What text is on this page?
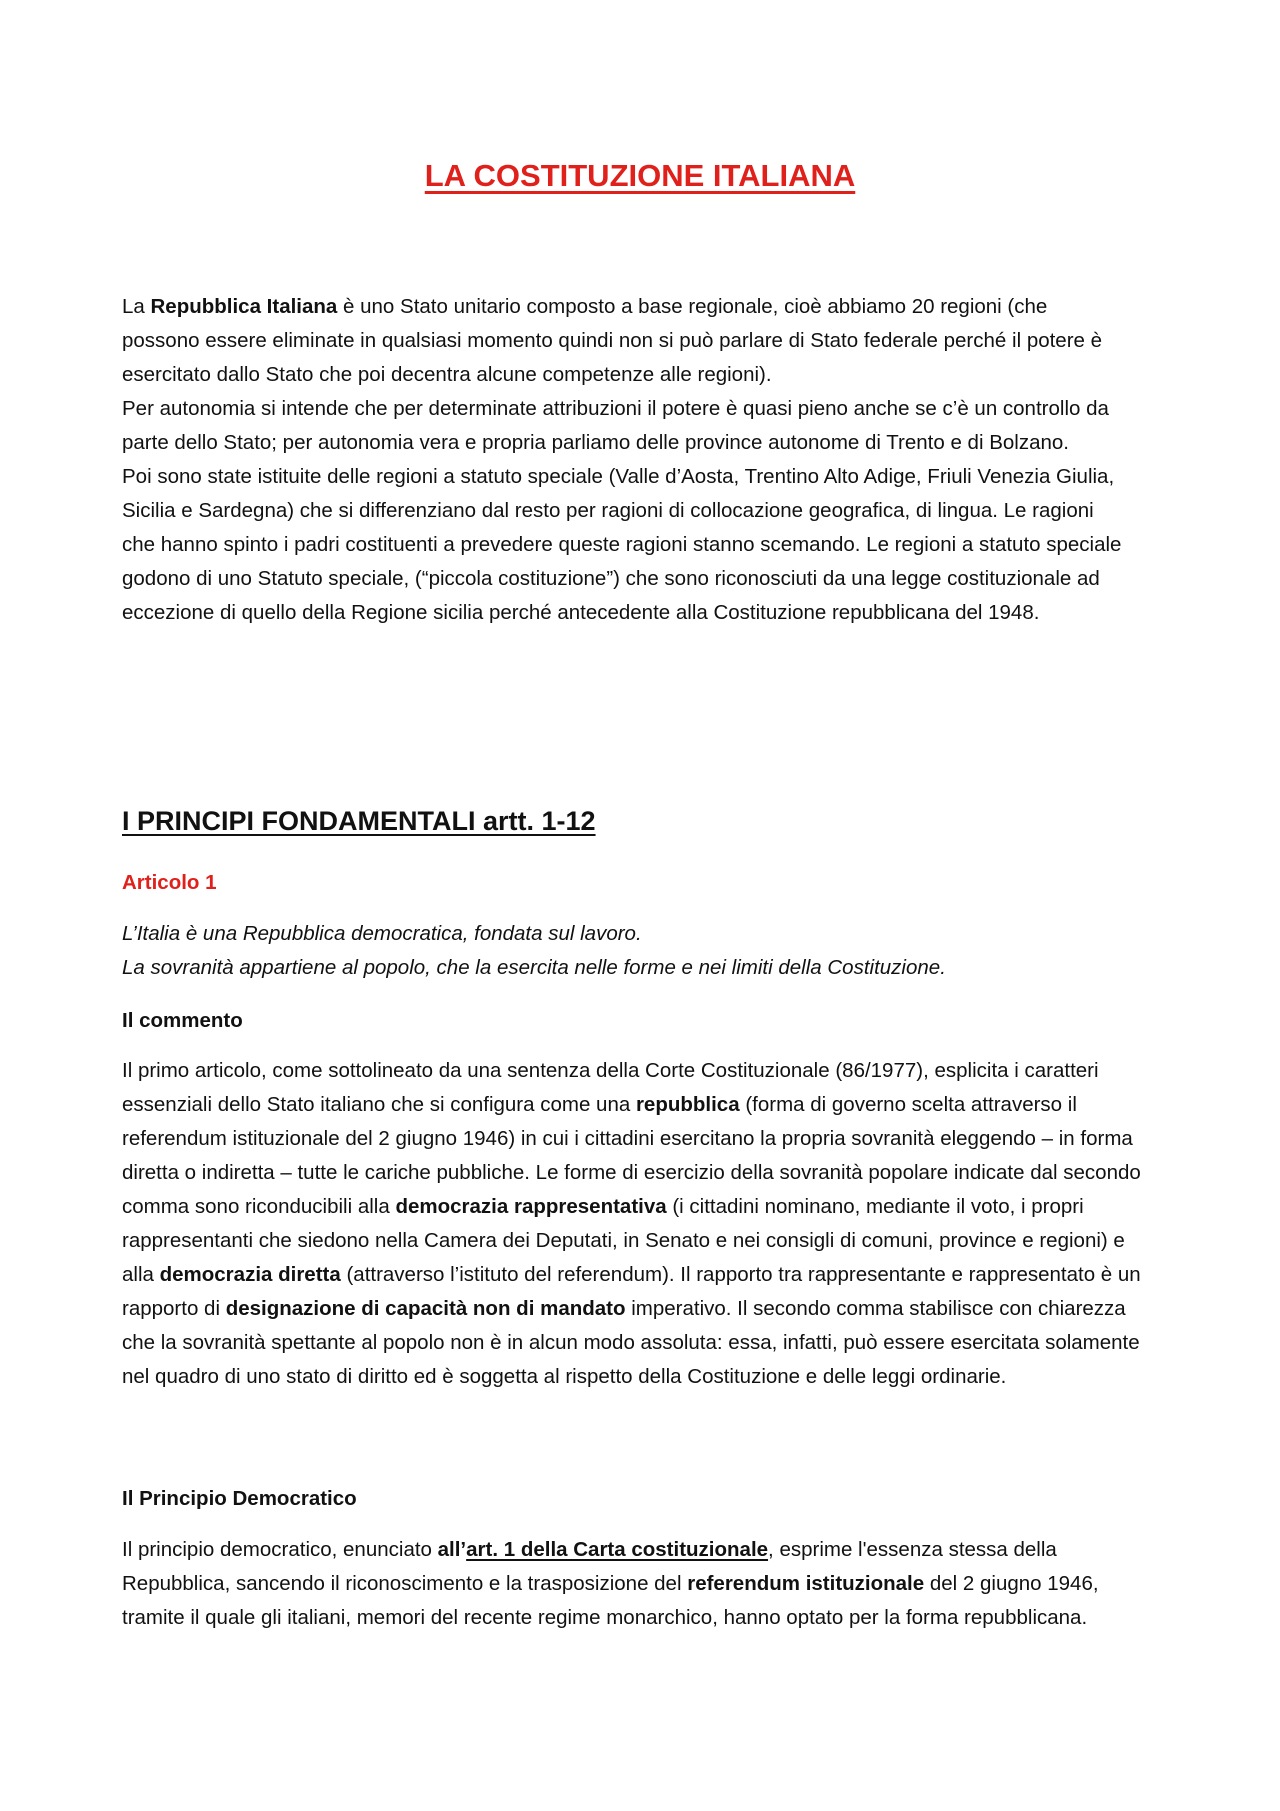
LA COSTITUZIONE ITALIANA

La Repubblica Italiana è uno Stato unitario composto a base regionale, cioè abbiamo 20 regioni (che possono essere eliminate in qualsiasi momento quindi non si può parlare di Stato federale perché il potere è esercitato dallo Stato che poi decentra alcune competenze alle regioni).

Per autonomia si intende che per determinate attribuzioni il potere è quasi pieno anche se c’è un controllo da parte dello Stato; per autonomia vera e propria parliamo delle province autonome di Trento e di Bolzano.

Poi sono state istituite delle regioni a statuto speciale (Valle d’Aosta, Trentino Alto Adige, Friuli Venezia Giulia, Sicilia e Sardegna) che si differenziano dal resto per ragioni di collocazione geografica, di lingua. Le ragioni che hanno spinto i padri costituenti a prevedere queste ragioni stanno scemando. Le regioni a statuto speciale godono di uno Statuto speciale, (“piccola costituzione”) che sono riconosciuti da una legge costituzionale ad eccezione di quello della Regione sicilia perché antecedente alla Costituzione repubblicana del 1948.

I PRINCIPI FONDAMENTALI artt. 1-12
Articolo 1

L’Italia è una Repubblica democratica, fondata sul lavoro.

La sovranità appartiene al popolo, che la esercita nelle forme e nei limiti della Costituzione.

Il commento

Il primo articolo, come sottolineato da una sentenza della Corte Costituzionale (86/1977), esplicita i caratteri essenziali dello Stato italiano che si configura come una repubblica (forma di governo scelta attraverso il referendum istituzionale del 2 giugno 1946) in cui i cittadini esercitano la propria sovranità eleggendo – in forma diretta o indiretta – tutte le cariche pubbliche. Le forme di esercizio della sovranità popolare indicate dal secondo comma sono riconducibili alla democrazia rappresentativa (i cittadini nominano, mediante il voto, i propri rappresentanti che siedono nella Camera dei Deputati, in Senato e nei consigli di comuni, province e regioni) e alla democrazia diretta (attraverso l’istituto del referendum). Il rapporto tra rappresentante e rappresentato è un rapporto di designazione di capacità non di mandato imperativo. Il secondo comma stabilisce con chiarezza che la sovranità spettante al popolo non è in alcun modo assoluta: essa, infatti, può essere esercitata solamente nel quadro di uno stato di diritto ed è soggetta al rispetto della Costituzione e delle leggi ordinarie.

Il Principio Democratico

Il principio democratico, enunciato all’art. 1 della Carta costituzionale, esprime l'essenza stessa della Repubblica, sancendo il riconoscimento e la trasposizione del referendum istituzionale del 2 giugno 1946, tramite il quale gli italiani, memori del recente regime monarchico, hanno optato per la forma repubblicana.
